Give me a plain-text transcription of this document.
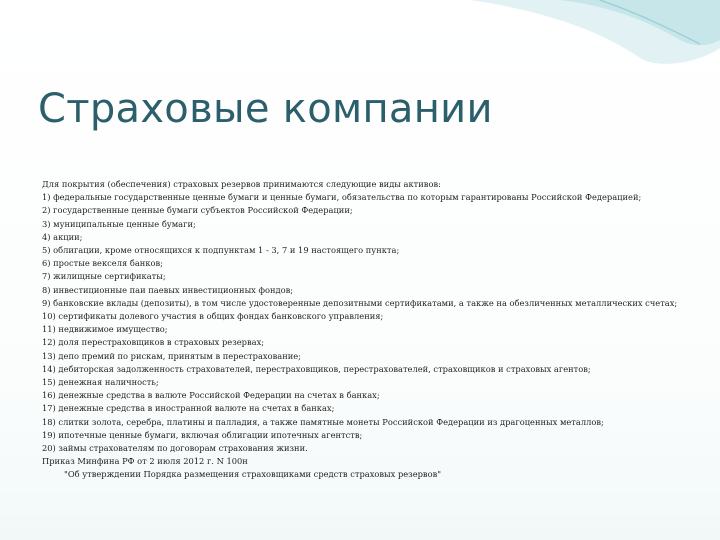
Страховые компании
Для покрытия (обеспечения) страховых резервов принимаются следующие виды активов:
1) федеральные государственные ценные бумаги и ценные бумаги, обязательства по которым гарантированы Российской Федерацией;
2) государственные ценные бумаги субъектов Российской Федерации;
3) муниципальные ценные бумаги;
4) акции;
5) облигации, кроме относящихся к подпунктам 1 - 3, 7 и 19 настоящего пункта;
6) простые векселя банков;
7) жилищные сертификаты;
8) инвестиционные паи паевых инвестиционных фондов;
9) банковские вклады (депозиты), в том числе удостоверенные депозитными сертификатами, а также на обезличенных металлических счетах;
10) сертификаты долевого участия в общих фондах банковского управления;
11) недвижимое имущество;
12) доля перестраховщиков в страховых резервах;
13) депо премий по рискам, принятым в перестрахование;
14) дебиторская задолженность страхователей, перестраховщиков, перестрахователей, страховщиков и страховых агентов;
15) денежная наличность;
16) денежные средства в валюте Российской Федерации на счетах в банках;
17) денежные средства в иностранной валюте на счетах в банках;
18) слитки золота, серебра, платины и палладия, а также памятные монеты Российской Федерации из драгоценных металлов;
19) ипотечные ценные бумаги, включая облигации ипотечных агентств;
20) займы страхователям по договорам страхования жизни.
Приказ Минфина РФ от 2 июля 2012 г. N 100н
"Об утверждении Порядка размещения страховщиками средств страховых резервов"
